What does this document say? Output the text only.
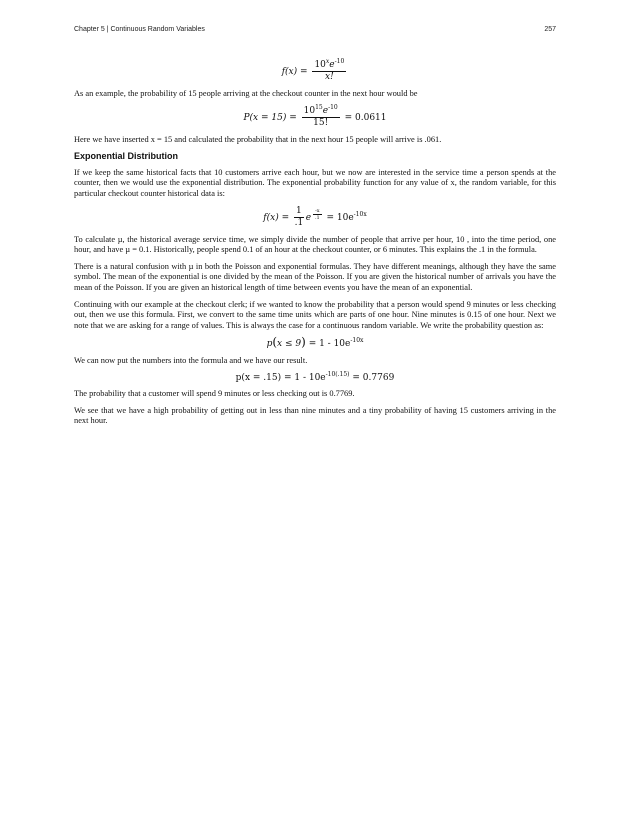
Chapter 5 | Continuous Random Variables	257
$f(x) = \frac{10^xe^{-10}}{x!}$

As an example, the probability of 15 people arriving at the checkout counter in the next hour would be

$P(x = 15) = \frac{10^{15}e^{-10}}{15!} = 0.0611$

Here we have inserted x = 15 and calculated the probability that in the next hour 15 people will arrive is .061.

Exponential Distribution

If we keep the same historical facts that 10 customers arrive each hour, but we now are interested in the service time a person spends at the counter, then we would use the exponential distribution. The exponential probability function for any value of x, the random variable, for this particular checkout counter historical data is:

$f(x) = \frac{1}{.1}$ e $^{\frac{-x}{.1}} = 10e^{-10x}$

To calculate µ, the historical average service time, we simply divide the number of people that arrive per hour, 10 , into the time period, one hour, and have µ = 0.1. Historically, people spend 0.1 of an hour at the checkout counter, or 6 minutes. This explains the .1 in the formula.

There is a natural confusion with µ in both the Poisson and exponential formulas. They have different meanings, although they have the same symbol. The mean of the exponential is one divided by the mean of the Poisson. If you are given the historical number of arrivals you have the mean of the Poisson. If you are given an historical length of time between events you have the mean of an exponential.

Continuing with our example at the checkout clerk; if we wanted to know the probability that a person would spend 9 minutes or less checking out, then we use this formula. First, we convert to the same time units which are parts of one hour. Nine minutes is 0.15 of one hour. Next we note that we are asking for a range of values. This is always the case for a continuous random variable. We write the probability question as:

$p(x \le 9) = 1 - 10e^{-10x}$

We can now put the numbers into the formula and we have our result.

$p(x = .15) = 1 - 10e^{-10(.15)} = 0.7769$

The probability that a customer will spend 9 minutes or less checking out is 0.7769.

We see that we have a high probability of getting out in less than nine minutes and a tiny probability of having 15 customers arriving in the next hour.
